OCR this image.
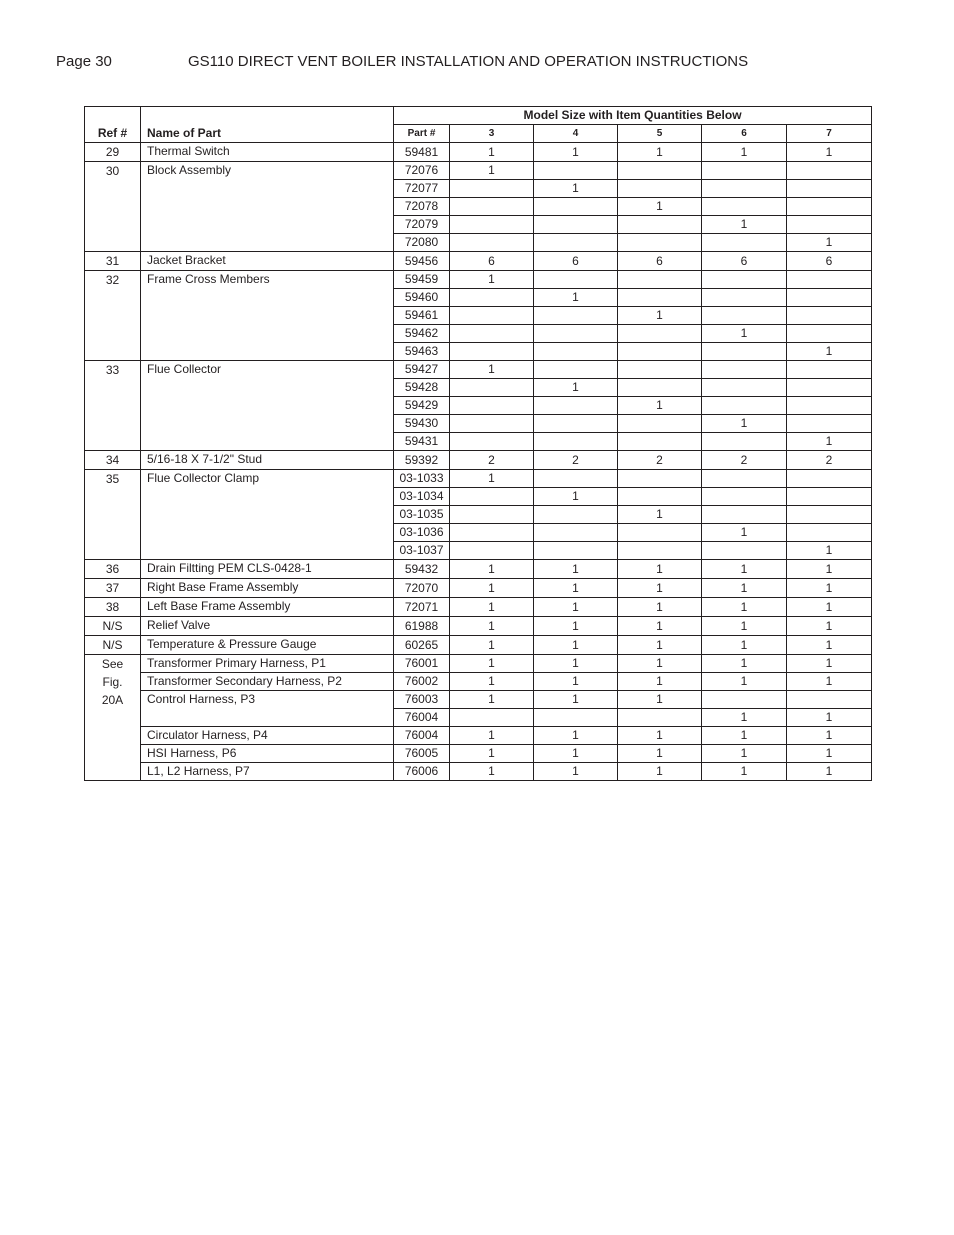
Page 30	GS110 DIRECT VENT BOILER INSTALLATION AND OPERATION INSTRUCTIONS
Ref #	Name of Part	Model Size with Item Quantities Below					
		Part #	3	4	5	6	7

29	Thermal Switch	59481	1	1	1	1	1

30	Block Assembly	72076	1				
		72077		1			
		72078			1		
		72079				1	
		72080					1

31	Jacket Bracket	59456	6	6	6	6	6

32	Frame Cross Members	59459	1				
		59460		1			
		59461			1		
		59462				1	
		59463					1

33	Flue Collector	59427	1				
		59428		1			
		59429			1		
		59430				1	
		59431					1

34	5/16-18 X 7-1/2" Stud	59392	2	2	2	2	2

35	Flue Collector Clamp	03-1033	1				
		03-1034		1			
		03-1035			1		
		03-1036				1	
		03-1037					1

36	Drain Filtting PEM CLS-0428-1	59432	1	1	1	1	1

37	Right Base Frame Assembly	72070	1	1	1	1	1

38	Left Base Frame Assembly	72071	1	1	1	1	1

N/S	Relief Valve	61988	1	1	1	1	1

N/S	Temperature & Pressure Gauge	60265	1	1	1	1	1

See
Fig.
20A	Transformer Primary Harness, P1	76001	1	1	1	1	1
	Transformer Secondary Harness, P2	76002	1	1	1	1	1
	Control Harness, P3	76003	1	1	1		
		76004				1	1
	Circulator Harness, P4	76004	1	1	1	1	1
	HSI Harness, P6	76005	1	1	1	1	1
	L1, L2 Harness, P7	76006	1	1	1	1	1
